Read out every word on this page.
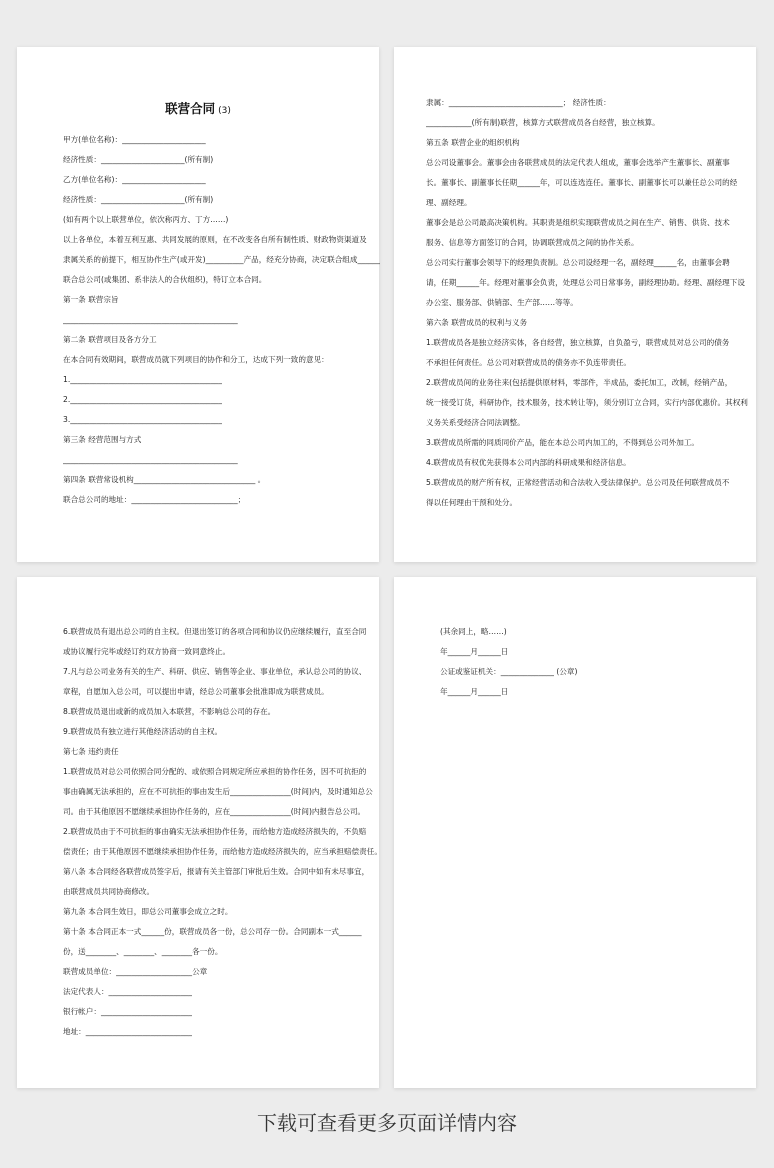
联营合同 (3)
甲方(单位名称)：______________________
经济性质：______________________(所有制)
乙方(单位名称)：______________________
经济性质：______________________(所有制)
(如有两个以上联营单位，依次称丙方、丁方……)
以上各单位，本着互利互惠、共同发展的原则，在不改变各自所有制性质、财政物资渠道及
隶属关系的前提下，相互协作生产(或开发)__________产品，经充分协商，决定联合组成______
联合总公司(或集团、系非法人的合伙组织)，特订立本合同。
第一条 联营宗旨
______________________________________________
第二条 联营项目及各方分工
在本合同有效期间，联营成员就下列项目的协作和分工，达成下列一致的意见：
1.________________________________________
2.________________________________________
3.________________________________________
第三条 经营范围与方式
______________________________________________
第四条 联营常设机构________________________________ 。
联合总公司的地址：____________________________；
隶属：______________________________； 经济性质：
____________(所有制)联营，核算方式联营成员各自经营，独立核算。
第五条 联营企业的组织机构
总公司设董事会。董事会由各联营成员的法定代表人组成，董事会选举产生董事长、副董事
长。董事长、副董事长任期______年，可以连选连任。董事长、副董事长可以兼任总公司的经
理、副经理。
董事会是总公司最高决策机构。其职责是组织实现联营成员之间在生产、销售、供货、技术
服务、信息等方面签订的合同，协调联营成员之间的协作关系。
总公司实行董事会领导下的经理负责制。总公司设经理一名，副经理______名，由董事会聘
请，任期______年。经理对董事会负责，处理总公司日常事务，副经理协助。经理、副经理下设
办公室、服务部、供销部、生产部……等等。
第六条 联营成员的权利与义务
1.联营成员各是独立经济实体，各自经营，独立核算，自负盈亏，联营成员对总公司的债务
不承担任何责任。总公司对联营成员的债务亦不负连带责任。
2.联营成员间的业务往来(包括提供原材料，零部件，半成品，委托加工，改制，经销产品，
统一接受订货，科研协作，技术服务，技术转让等)，须分别订立合同，实行内部优惠价。其权利
义务关系受经济合同法调整。
3.联营成员所需的同质同价产品，能在本总公司内加工的，不得到总公司外加工。
4.联营成员有权优先获得本公司内部的科研成果和经济信息。
5.联营成员的财产所有权，正常经营活动和合法收入受法律保护。总公司及任何联营成员不
得以任何理由干预和处分。
6.联营成员有退出总公司的自主权。但退出签订的各项合同和协议仍应继续履行，直至合同
或协议履行完毕或经订约双方协商一致同意终止。
7.凡与总公司业务有关的生产、科研、供应、销售等企业、事业单位，承认总公司的协议、
章程，自愿加入总公司，可以提出申请，经总公司董事会批准即成为联营成员。
8.联营成员退出或新的成员加入本联营，不影响总公司的存在。
9.联营成员有独立进行其他经济活动的自主权。
第七条 违约责任
1.联营成员对总公司依照合同分配的、或依照合同规定所应承担的协作任务，因不可抗拒的
事由确属无法承担的，应在不可抗拒的事由发生后________________(时间)内，及时通知总公
司。由于其他原因不愿继续承担协作任务的，应在________________(时间)内报告总公司。
2.联营成员由于不可抗拒的事由确实无法承担协作任务，而给他方造成经济损失的，不负赔
偿责任；由于其他原因不愿继续承担协作任务，而给他方造成经济损失的，应当承担赔偿责任。
第八条 本合同经各联营成员签字后，报请有关主管部门审批后生效。合同中如有未尽事宜，
由联营成员共同协商修改。
第九条 本合同生效日，即总公司董事会成立之时。
第十条 本合同正本一式______份，联营成员各一份，总公司存一份。合同副本一式______
份，送________、________、________各一份。
联营成员单位：____________________公章
法定代表人：______________________
银行帐户：________________________
地址：____________________________
(其余同上，略……)
年______月______日
公证或鉴证机关：______________ (公章)
年______月______日
下载可查看更多页面详情内容
